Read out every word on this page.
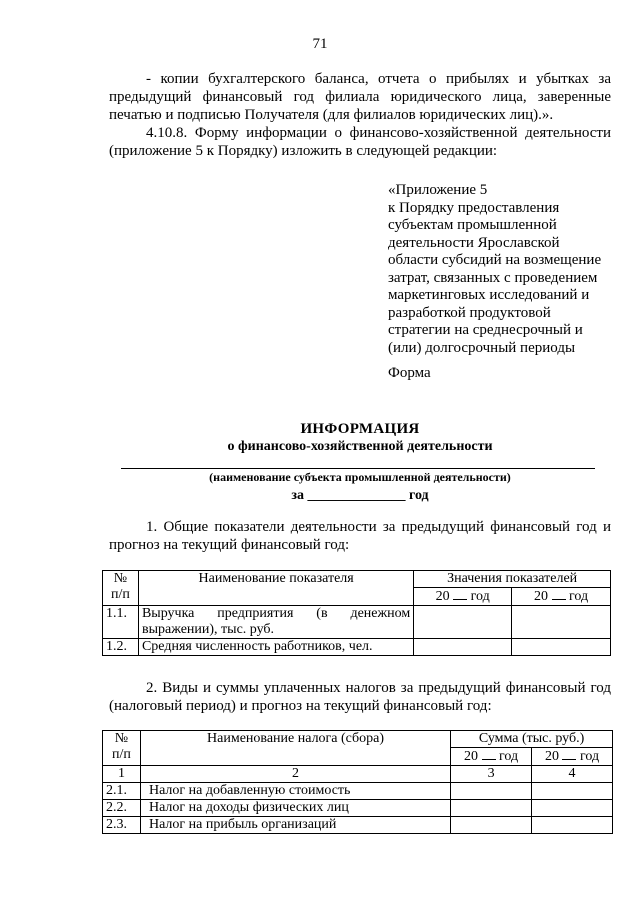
71
- копии бухгалтерского баланса, отчета о прибылях и убытках за
предыдущий финансовый год филиала юридического лица, заверенные
печатью и подписью Получателя (для филиалов юридических лиц).».
4.10.8. Форму информации о финансово-хозяйственной деятельности
(приложение 5 к Порядку) изложить в следующей редакции:
«Приложение 5
к Порядку предоставления
субъектам промышленной
деятельности Ярославской
области субсидий на возмещение
затрат, связанных с проведением
маркетинговых исследований и
разработкой продуктовой
стратегии на среднесрочный и
(или) долгосрочный периоды
Форма
ИНФОРМАЦИЯ
о финансово-хозяйственной деятельности
(наименование субъекта промышленной деятельности)
за ______________ год
1. Общие показатели деятельности за предыдущий финансовый год и
прогноз на текущий финансовый год:
№
п/п	Наименование показателя	Значения показателей	
		20 год	20 год
1.1.	Выручка предприятия (в денежном
выражении), тыс. руб.		

1.2.	Средняя численность работников, чел.		
2. Виды и суммы уплаченных налогов за предыдущий финансовый год
(налоговый период) и прогноз на текущий финансовый год:
№
п/п	Наименование налога (сбора)	Сумма (тыс. руб.)	
		20 год	20 год
1	2	3	4
2.1.	Налог на добавленную стоимость		
2.2.	Налог на доходы физических лиц		
2.3.	Налог на прибыль организаций		
